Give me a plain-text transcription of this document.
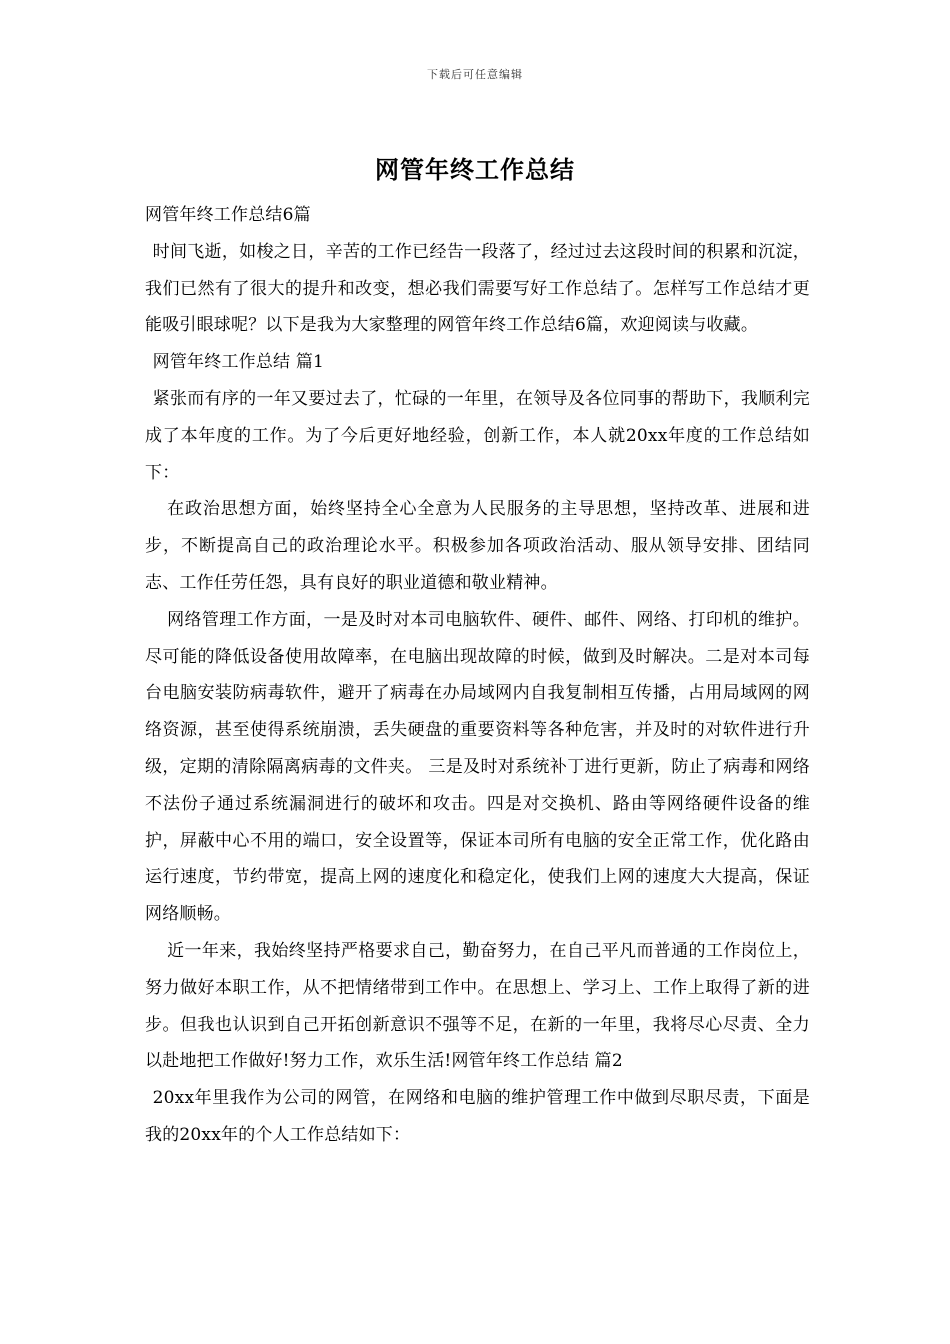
下载后可任意编辑
网管年终工作总结

网管年终工作总结6篇

时间飞逝，如梭之日，辛苦的工作已经告一段落了，经过过去这段时间的积累和沉淀，我们已然有了很大的提升和改变，想必我们需要写好工作总结了。怎样写工作总结才更能吸引眼球呢？以下是我为大家整理的网管年终工作总结6篇，欢迎阅读与收藏。

网管年终工作总结 篇1

紧张而有序的一年又要过去了，忙碌的一年里，在领导及各位同事的帮助下，我顺利完成了本年度的工作。为了今后更好地经验，创新工作，本人就20xx年度的工作总结如下：

在政治思想方面，始终坚持全心全意为人民服务的主导思想，坚持改革、进展和进步，不断提高自己的政治理论水平。积极参加各项政治活动、服从领导安排、团结同志、工作任劳任怨，具有良好的职业道德和敬业精神。

网络管理工作方面，一是及时对本司电脑软件、硬件、邮件、网络、打印机的维护。尽可能的降低设备使用故障率，在电脑出现故障的时候，做到及时解决。二是对本司每台电脑安装防病毒软件，避开了病毒在办局域网内自我复制相互传播，占用局域网的网络资源，甚至使得系统崩溃，丢失硬盘的重要资料等各种危害，并及时的对软件进行升级，定期的清除隔离病毒的文件夹。 三是及时对系统补丁进行更新，防止了病毒和网络不法份子通过系统漏洞进行的破坏和攻击。四是对交换机、路由等网络硬件设备的维护，屏蔽中心不用的端口，安全设置等，保证本司所有电脑的安全正常工作，优化路由运行速度，节约带宽，提高上网的速度化和稳定化，使我们上网的速度大大提高，保证网络顺畅。

近一年来，我始终坚持严格要求自己，勤奋努力，在自己平凡而普通的工作岗位上，努力做好本职工作，从不把情绪带到工作中。在思想上、学习上、工作上取得了新的进步。但我也认识到自己开拓创新意识不强等不足，在新的一年里，我将尽心尽责、全力以赴地把工作做好!努力工作，欢乐生活!网管年终工作总结 篇2

20xx年里我作为公司的网管，在网络和电脑的维护管理工作中做到尽职尽责，下面是我的20xx年的个人工作总结如下：
